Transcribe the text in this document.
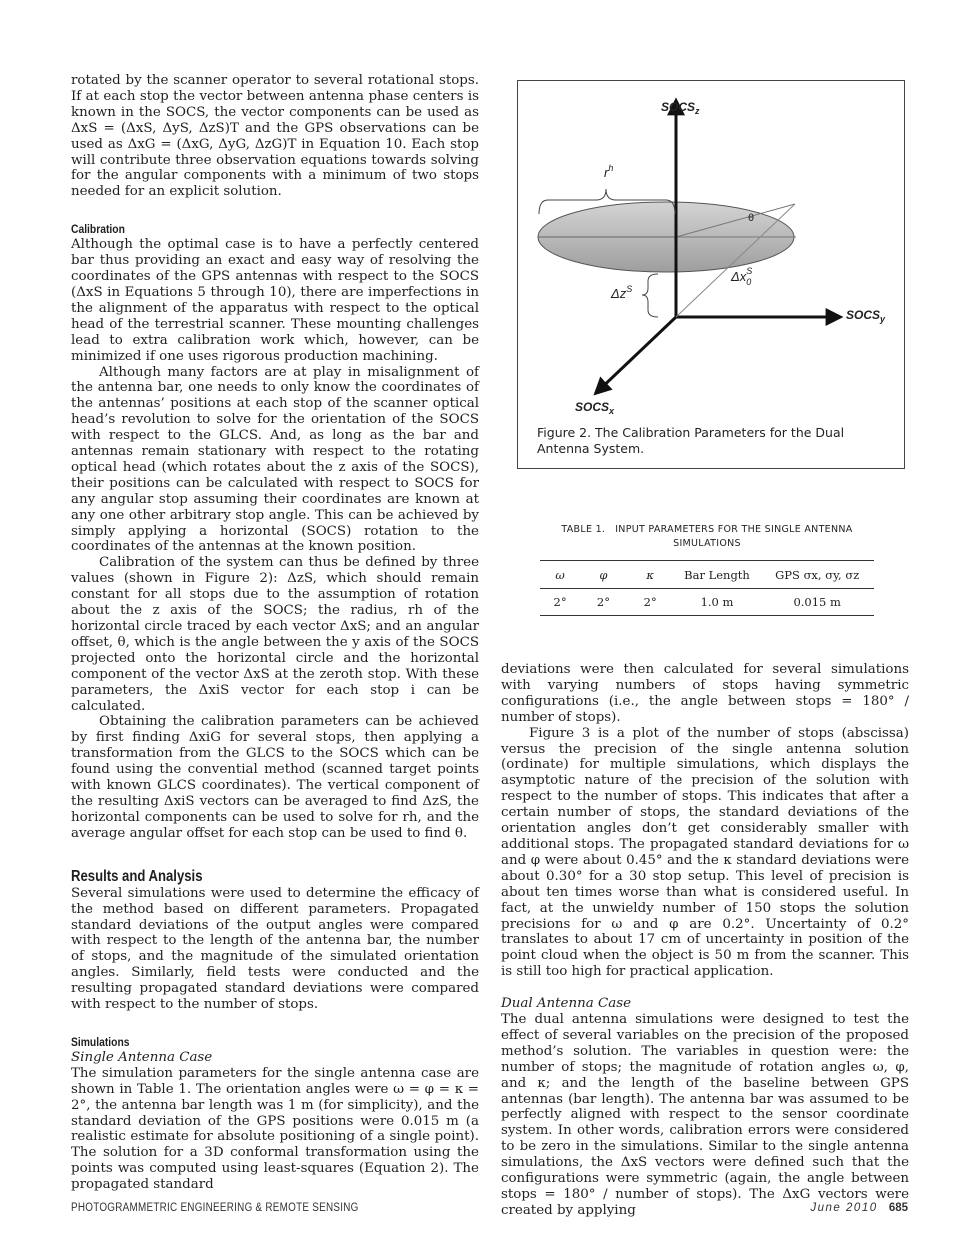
rotated by the scanner operator to several rotational stops. If at each stop the vector between antenna phase centers is known in the SOCS, the vector components can be used as ΔxS = (ΔxS, ΔyS, ΔzS)T and the GPS observations can be used as ΔxG = (ΔxG, ΔyG, ΔzG)T in Equation 10. Each stop will contribute three observation equations towards solving for the angular components with a minimum of two stops needed for an explicit solution.

Calibration

Although the optimal case is to have a perfectly centered bar thus providing an exact and easy way of resolving the coordinates of the GPS antennas with respect to the SOCS (ΔxS in Equations 5 through 10), there are imperfections in the alignment of the apparatus with respect to the optical head of the terrestrial scanner. These mounting challenges lead to extra calibration work which, however, can be minimized if one uses rigorous production machining.

Although many factors are at play in misalignment of the antenna bar, one needs to only know the coordinates of the antennas’ positions at each stop of the scanner optical head’s revolution to solve for the orientation of the SOCS with respect to the GLCS. And, as long as the bar and antennas remain stationary with respect to the rotating optical head (which rotates about the z axis of the SOCS), their positions can be calculated with respect to SOCS for any angular stop assuming their coordinates are known at any one other arbitrary stop angle. This can be achieved by simply applying a horizontal (SOCS) rotation to the coordinates of the antennas at the known position.

Calibration of the system can thus be defined by three values (shown in Figure 2): ΔzS, which should remain constant for all stops due to the assumption of rotation about the z axis of the SOCS; the radius, rh of the horizontal circle traced by each vector ΔxS; and an angular offset, θ, which is the angle between the y axis of the SOCS projected onto the horizontal circle and the horizontal component of the vector ΔxS at the zeroth stop. With these parameters, the ΔxiS vector for each stop i can be calculated.

Obtaining the calibration parameters can be achieved by first finding ΔxiG for several stops, then applying a transformation from the GLCS to the SOCS which can be found using the convential method (scanned target points with known GLCS coordinates). The vertical component of the resulting ΔxiS vectors can be averaged to find ΔzS, the horizontal components can be used to solve for rh, and the average angular offset for each stop can be used to find θ.

Results and Analysis

Several simulations were used to determine the efficacy of the method based on different parameters. Propagated standard deviations of the output angles were compared with respect to the length of the antenna bar, the number of stops, and the magnitude of the simulated orientation angles. Similarly, field tests were conducted and the resulting propagated standard deviations were compared with respect to the number of stops.

Simulations
Single Antenna Case

The simulation parameters for the single antenna case are shown in Table 1. The orientation angles were ω = φ = κ = 2°, the antenna bar length was 1 m (for simplicity), and the standard deviation of the GPS positions were 0.015 m (a realistic estimate for absolute positioning of a single point). The solution for a 3D conformal transformation using the points was computed using least-squares (Equation 2). The propagated standard

$SOCS_z$
$SOCS_y$
$SOCS_x$
$r^h$
θ
$\Delta z^S$
$\Delta x^S$ 0
Figure 2. The Calibration Parameters for the Dual Antenna System.
TABLE 1.   INPUT PARAMETERS FOR THE SINGLE ANTENNA
SIMULATIONS
ω	φ	κ	Bar Length	GPS σx, σy, σz
2°	2°	2°	1.0 m	0.015 m

deviations were then calculated for several simulations with varying numbers of stops having symmetric configurations (i.e., the angle between stops = 180° / number of stops).

Figure 3 is a plot of the number of stops (abscissa) versus the precision of the single antenna solution (ordinate) for multiple simulations, which displays the asymptotic nature of the precision of the solution with respect to the number of stops. This indicates that after a certain number of stops, the standard deviations of the orientation angles don’t get considerably smaller with additional stops. The propagated standard deviations for ω and φ were about 0.45° and the κ standard deviations were about 0.30° for a 30 stop setup. This level of precision is about ten times worse than what is considered useful. In fact, at the unwieldy number of 150 stops the solution precisions for ω and φ are 0.2°. Uncertainty of 0.2° translates to about 17 cm of uncertainty in position of the point cloud when the object is 50 m from the scanner. This is still too high for practical application.

Dual Antenna Case

The dual antenna simulations were designed to test the effect of several variables on the precision of the proposed method’s solution. The variables in question were: the number of stops; the magnitude of rotation angles ω, φ, and κ; and the length of the baseline between GPS antennas (bar length). The antenna bar was assumed to be perfectly aligned with respect to the sensor coordinate system. In other words, calibration errors were considered to be zero in the simulations. Similar to the single antenna simulations, the ΔxS vectors were defined such that the configurations were symmetric (again, the angle between stops = 180° / number of stops). The ΔxG vectors were created by applying

PHOTOGRAMMETRIC ENGINEERING & REMOTE SENSING	June 2010 685
